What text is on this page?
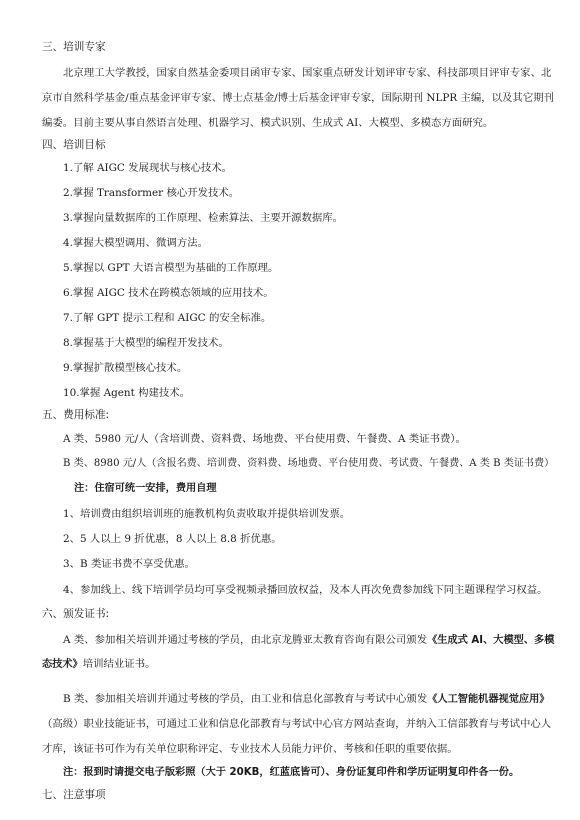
三、培训专家
北京理工大学教授，国家自然基金委项目函审专家、国家重点研发计划评审专家、科技部项目评审专家、北
京市自然科学基金/重点基金评审专家、博士点基金/博士后基金评审专家，国际期刊 NLPR 主编，以及其它期刊
编委。目前主要从事自然语言处理、机器学习、模式识别、生成式 AI、大模型、多模态方面研究。
四、培训目标
1.了解 AIGC 发展现状与核心技术。
2.掌握 Transformer 核心开发技术。
3.掌握向量数据库的工作原理、检索算法、主要开源数据库。
4.掌握大模型调用、微调方法。
5.掌握以 GPT 大语言模型为基础的工作原理。
6.掌握 AIGC 技术在跨模态领域的应用技术。
7.了解 GPT 提示工程和 AIGC 的安全标准。
8.掌握基于大模型的编程开发技术。
9.掌握扩散模型核心技术。
10.掌握 Agent 构建技术。
五、费用标准:
A 类、5980 元/人（含培训费、资料费、场地费、平台使用费、午餐费、A 类证书费）。
B 类、8980 元/人（含报名费、培训费、资料费、场地费、平台使用费、考试费、午餐费、A 类 B 类证书费）
注：住宿可统一安排，费用自理
1、培训费由组织培训班的施教机构负责收取并提供培训发票。
2、5 人以上 9 折优惠，8 人以上 8.8 折优惠。
3、B 类证书费不享受优惠。
4、参加线上、线下培训学员均可享受视频录播回放权益，及本人再次免费参加线下同主题课程学习权益。
六、颁发证书:
A 类、参加相关培训并通过考核的学员，由北京龙腾亚太教育咨询有限公司颁发《生成式 AI、大模型、多模
态技术》培训结业证书。
B 类、参加相关培训并通过考核的学员，由工业和信息化部教育与考试中心颁发《人工智能机器视觉应用》
（高级）职业技能证书，可通过工业和信息化部教育与考试中心官方网站查询，并纳入工信部教育与考试中心人
才库，该证书可作为有关单位职称评定、专业技术人员能力评价、考核和任职的重要依据。
注：报到时请提交电子版彩照（大于 20KB，红蓝底皆可）、身份证复印件和学历证明复印件各一份。
七、注意事项
